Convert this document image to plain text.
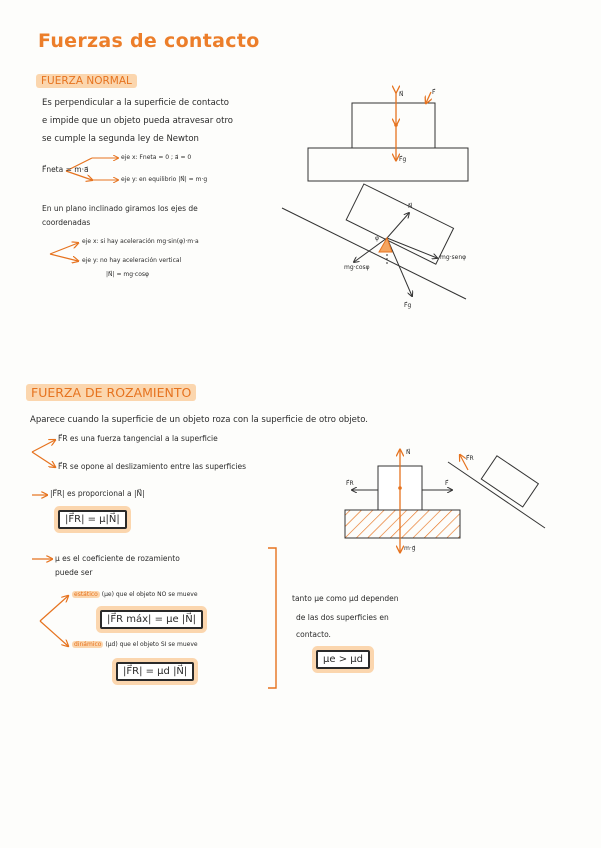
Fuerzas de contacto
FUERZA NORMAL
Es perpendicular a la superficie de contacto
e impide que un objeto pueda atravesar otro
se cumple la segunda ley de Newton
F⃗neta = m·a⃗
eje x: Fneta = 0 ; a⃗ = 0
eje y: en equilibrio |N⃗| = m·g
En un plano inclinado giramos los ejes de
coordenadas
eje x: si hay aceleración mg·sin(φ)·m·a
eje y: no hay aceleración vertical
|N⃗| = mg·cosφ
N⃗	F⃗
F⃗g
N⃗
mg·senφ
mg·cosφ
F⃗g
φ
FUERZA DE ROZAMIENTO
Aparece cuando la superficie de un objeto roza con la superficie de otro objeto.
F⃗R es una fuerza tangencial a la superficie
F⃗R se opone al deslizamiento entre las superficies
|F⃗R| es proporcional a |N⃗|
|F⃗R| = μ|N⃗|
μ es el coeficiente de rozamiento
puede ser
estático (μe) que el objeto NO se mueve
|F⃗R máx| = μe |N⃗|
dinámico (μd) que el objeto SI se mueve
|F⃗R| = μd |N⃗|
tanto μe como μd dependen
de las dos superficies en
contacto.
μe > μd
N⃗
F⃗
F⃗R
m·g⃗
F⃗R
